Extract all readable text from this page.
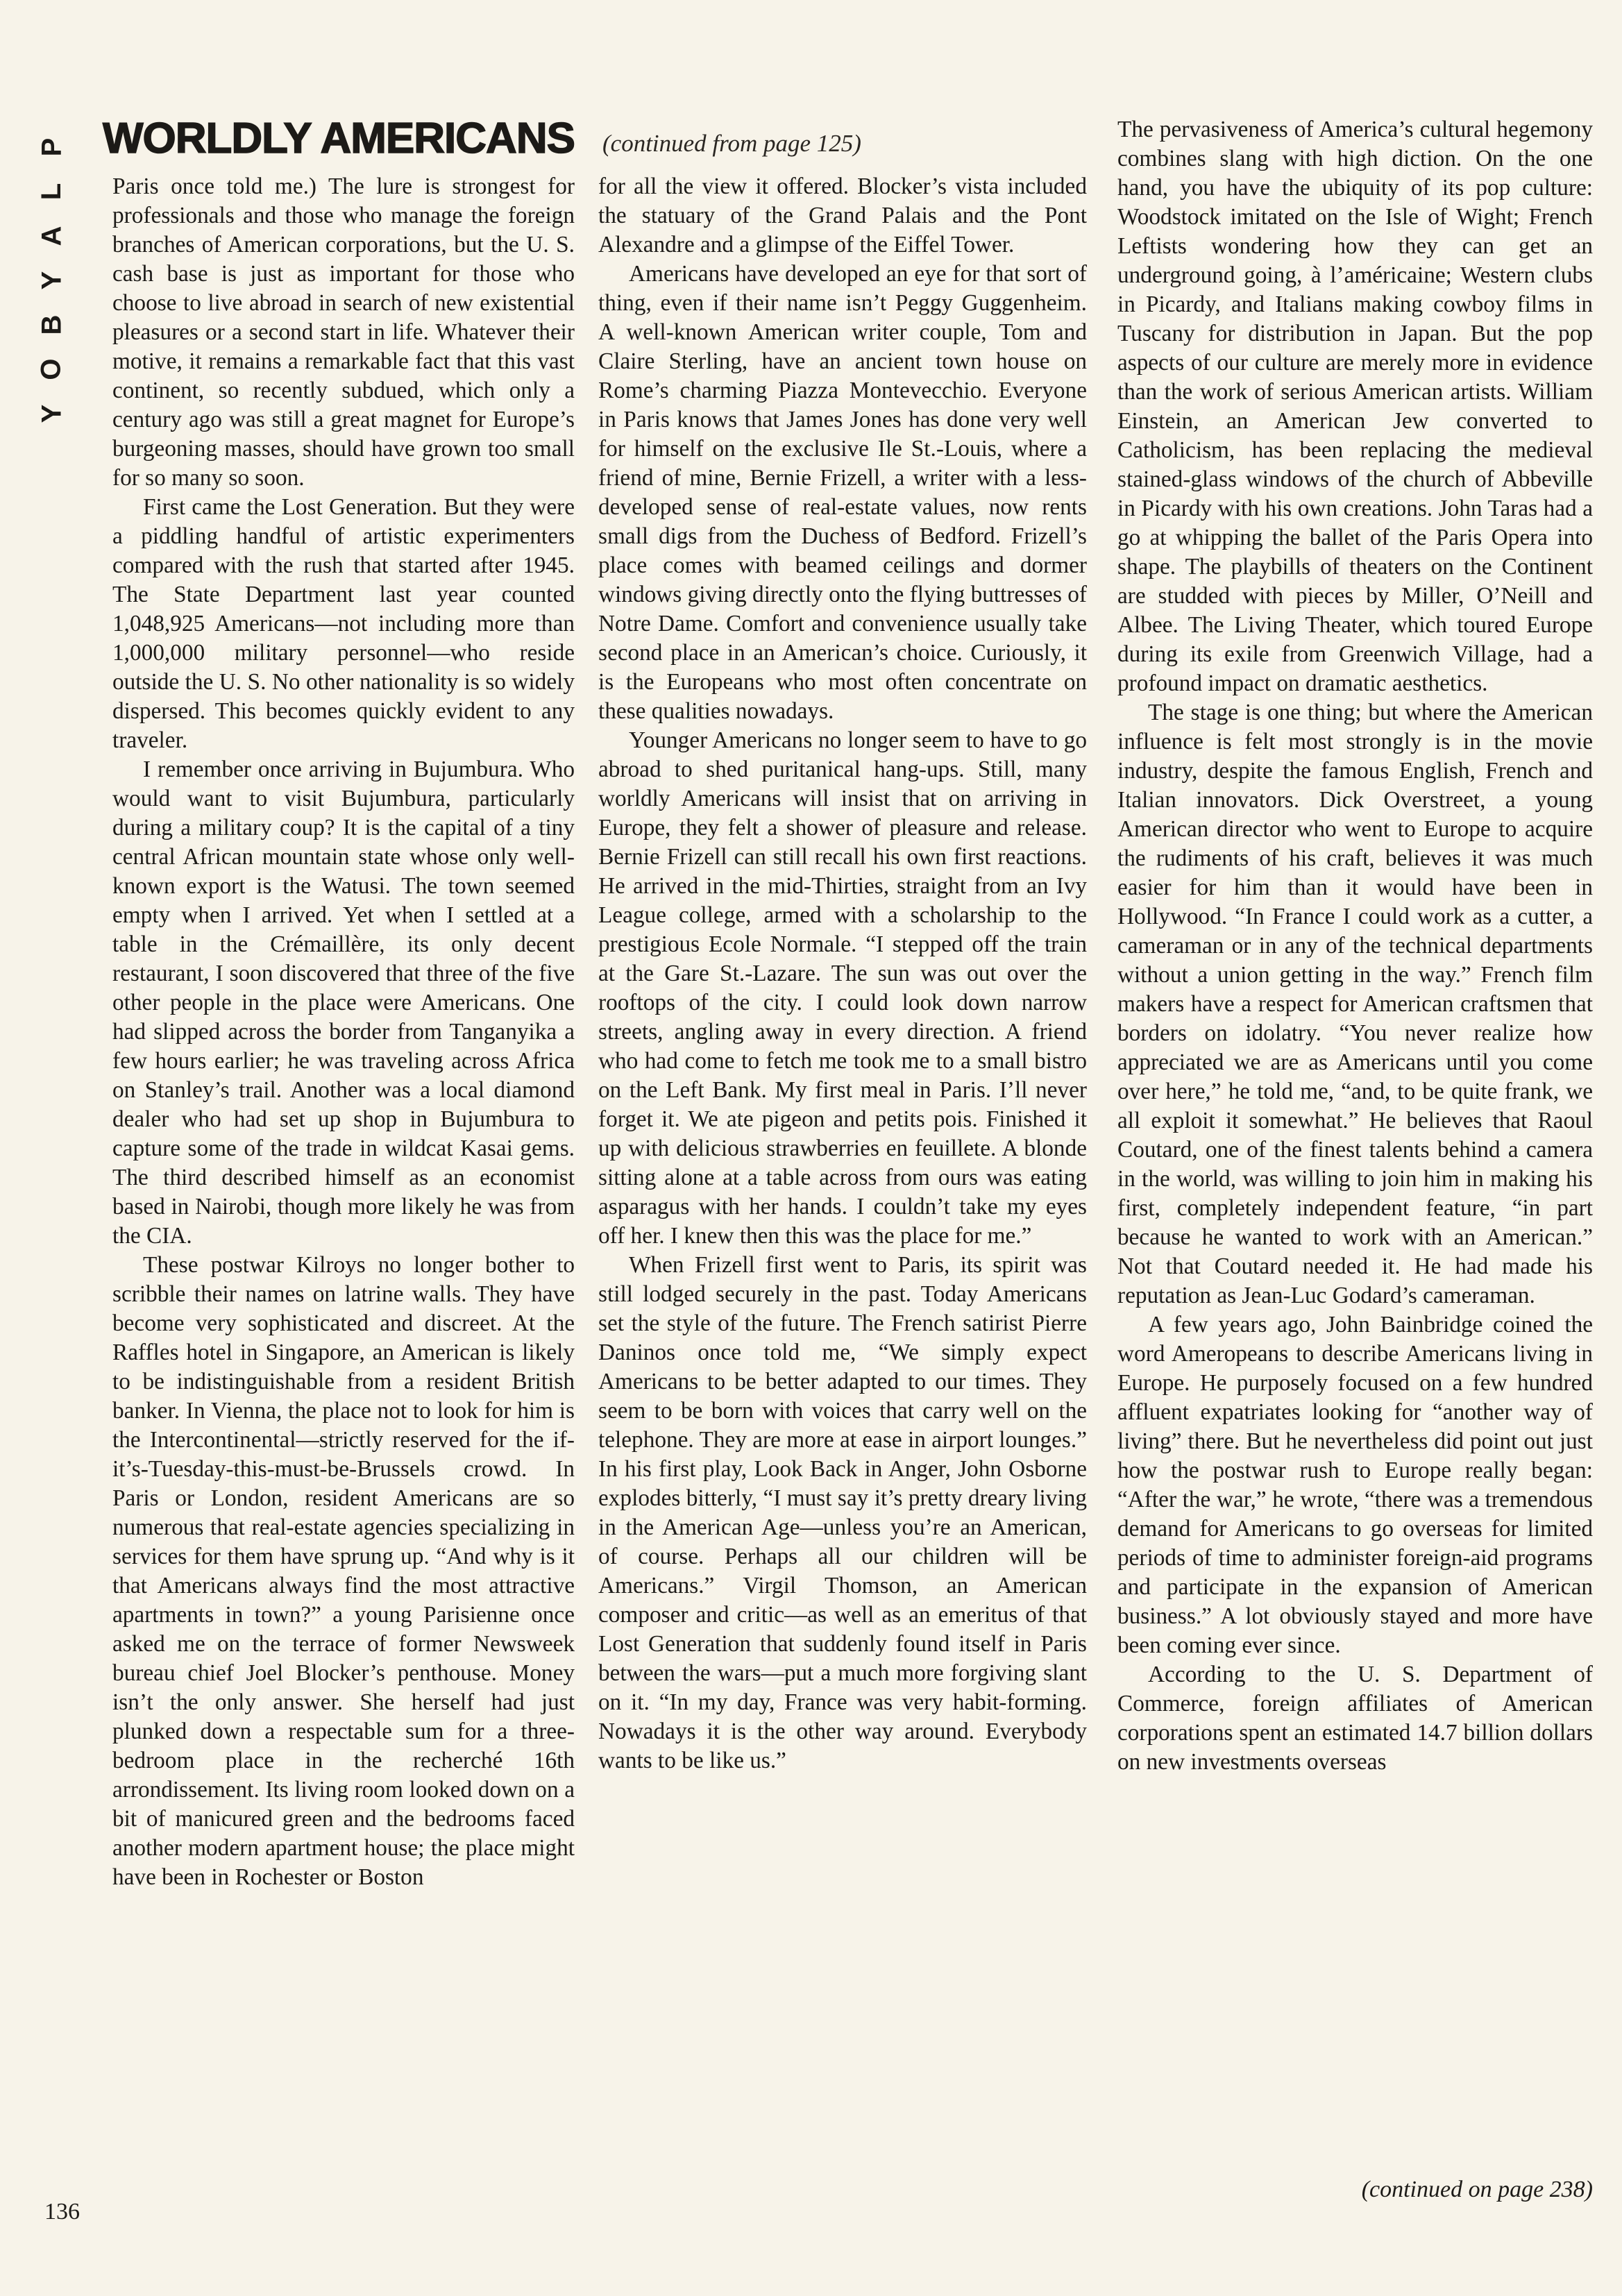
P
L
A
Y
B
O
Y
WORLDLY AMERICANS (continued from page 125)

Paris once told me.) The lure is strongest for professionals and those who manage the foreign branches of American corporations, but the U. S. cash base is just as important for those who choose to live abroad in search of new existential pleasures or a second start in life. Whatever their motive, it remains a remarkable fact that this vast continent, so recently subdued, which only a century ago was still a great magnet for Europe’s burgeoning masses, should have grown too small for so many so soon.

First came the Lost Generation. But they were a piddling handful of artistic experimenters compared with the rush that started after 1945. The State Department last year counted 1,048,925 Americans—not including more than 1,000,000 military personnel—who reside outside the U. S. No other nationality is so widely dispersed. This becomes quickly evident to any traveler.

I remember once arriving in Bujumbura. Who would want to visit Bujumbura, particularly during a military coup? It is the capital of a tiny central African mountain state whose only well-known export is the Watusi. The town seemed empty when I arrived. Yet when I settled at a table in the Crémaillère, its only decent restaurant, I soon discovered that three of the five other people in the place were Americans. One had slipped across the border from Tanganyika a few hours earlier; he was traveling across Africa on Stanley’s trail. Another was a local diamond dealer who had set up shop in Bujumbura to capture some of the trade in wildcat Kasai gems. The third described himself as an economist based in Nairobi, though more likely he was from the CIA.

These postwar Kilroys no longer bother to scribble their names on latrine walls. They have become very sophisticated and discreet. At the Raffles hotel in Singapore, an American is likely to be indistinguishable from a resident British banker. In Vienna, the place not to look for him is the Intercontinental—strictly reserved for the if-it’s-Tuesday-this-must-be-Brussels crowd. In Paris or London, resident Americans are so numerous that real-estate agencies specializing in services for them have sprung up. “And why is it that Americans always find the most attractive apartments in town?” a young Parisienne once asked me on the terrace of former Newsweek bureau chief Joel Blocker’s penthouse. Money isn’t the only answer. She herself had just plunked down a respectable sum for a three-bedroom place in the recherché 16th arrondissement. Its living room looked down on a bit of manicured green and the bedrooms faced another modern apartment house; the place might have been in Rochester or Boston

for all the view it offered. Blocker’s vista included the statuary of the Grand Palais and the Pont Alexandre and a glimpse of the Eiffel Tower.

Americans have developed an eye for that sort of thing, even if their name isn’t Peggy Guggenheim. A well-known American writer couple, Tom and Claire Sterling, have an ancient town house on Rome’s charming Piazza Montevecchio. Everyone in Paris knows that James Jones has done very well for himself on the exclusive Ile St.-Louis, where a friend of mine, Bernie Frizell, a writer with a less-developed sense of real-estate values, now rents small digs from the Duchess of Bedford. Frizell’s place comes with beamed ceilings and dormer windows giving directly onto the flying buttresses of Notre Dame. Comfort and convenience usually take second place in an American’s choice. Curiously, it is the Europeans who most often concentrate on these qualities nowadays.

Younger Americans no longer seem to have to go abroad to shed puritanical hang-ups. Still, many worldly Americans will insist that on arriving in Europe, they felt a shower of pleasure and release. Bernie Frizell can still recall his own first reactions. He arrived in the mid-Thirties, straight from an Ivy League college, armed with a scholarship to the prestigious Ecole Normale. “I stepped off the train at the Gare St.-Lazare. The sun was out over the rooftops of the city. I could look down narrow streets, angling away in every direction. A friend who had come to fetch me took me to a small bistro on the Left Bank. My first meal in Paris. I’ll never forget it. We ate pigeon and petits pois. Finished it up with delicious strawberries en feuillete. A blonde sitting alone at a table across from ours was eating asparagus with her hands. I couldn’t take my eyes off her. I knew then this was the place for me.”

When Frizell first went to Paris, its spirit was still lodged securely in the past. Today Americans set the style of the future. The French satirist Pierre Daninos once told me, “We simply expect Americans to be better adapted to our times. They seem to be born with voices that carry well on the telephone. They are more at ease in airport lounges.” In his first play, Look Back in Anger, John Osborne explodes bitterly, “I must say it’s pretty dreary living in the American Age—unless you’re an American, of course. Perhaps all our children will be Americans.” Virgil Thomson, an American composer and critic—as well as an emeritus of that Lost Generation that suddenly found itself in Paris between the wars—put a much more forgiving slant on it. “In my day, France was very habit-forming. Nowadays it is the other way around. Everybody wants to be like us.”

The pervasiveness of America’s cultural hegemony combines slang with high diction. On the one hand, you have the ubiquity of its pop culture: Woodstock imitated on the Isle of Wight; French Leftists wondering how they can get an underground going, à l’américaine; Western clubs in Picardy, and Italians making cowboy films in Tuscany for distribution in Japan. But the pop aspects of our culture are merely more in evidence than the work of serious American artists. William Einstein, an American Jew converted to Catholicism, has been replacing the medieval stained-glass windows of the church of Abbeville in Picardy with his own creations. John Taras had a go at whipping the ballet of the Paris Opera into shape. The playbills of theaters on the Continent are studded with pieces by Miller, O’Neill and Albee. The Living Theater, which toured Europe during its exile from Greenwich Village, had a profound impact on dramatic aesthetics.

The stage is one thing; but where the American influence is felt most strongly is in the movie industry, despite the famous English, French and Italian innovators. Dick Overstreet, a young American director who went to Europe to acquire the rudiments of his craft, believes it was much easier for him than it would have been in Hollywood. “In France I could work as a cutter, a cameraman or in any of the technical departments without a union getting in the way.” French film makers have a respect for American craftsmen that borders on idolatry. “You never realize how appreciated we are as Americans until you come over here,” he told me, “and, to be quite frank, we all exploit it somewhat.” He believes that Raoul Coutard, one of the finest talents behind a camera in the world, was willing to join him in making his first, completely independent feature, “in part because he wanted to work with an American.” Not that Coutard needed it. He had made his reputation as Jean-Luc Godard’s cameraman.

A few years ago, John Bainbridge coined the word Ameropeans to describe Americans living in Europe. He purposely focused on a few hundred affluent expatriates looking for “another way of living” there. But he nevertheless did point out just how the postwar rush to Europe really began: “After the war,” he wrote, “there was a tremendous demand for Americans to go overseas for limited periods of time to administer foreign-aid programs and participate in the expansion of American business.” A lot obviously stayed and more have been coming ever since.

According to the U. S. Department of Commerce, foreign affiliates of American corporations spent an estimated 14.7 billion dollars on new investments overseas

(continued on page 238)
136
